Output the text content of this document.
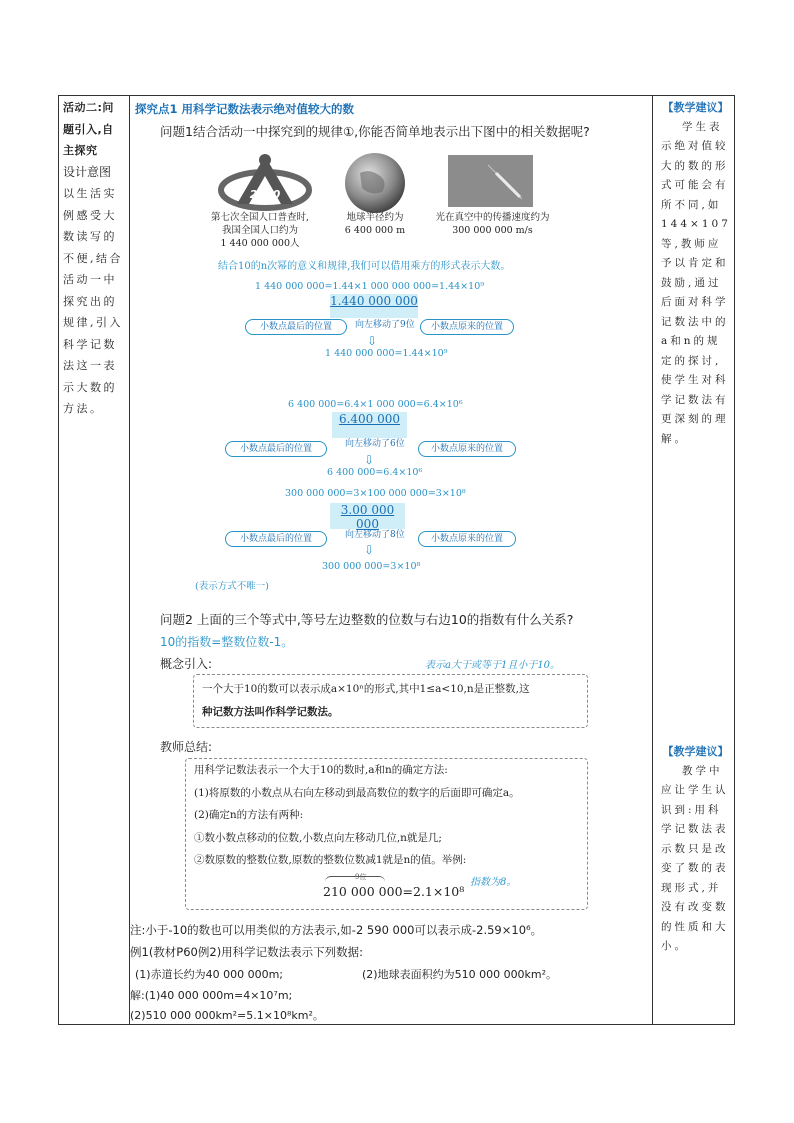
活动二:问
题引入,自
主探究
设计意图
以生活实
例感受大
数读写的
不便,结合
活动一中
探究出的
规律,引入
科学记数
法这一表
示大数的
方法。
【教学建议】
学生表示绝对值较大的数的形式可能会有所不同,如144×107等,教师应予以肯定和鼓励,通过后面对科学记数法中的a和n的规定的探讨,使学生对科学记数法有更深刻的理解。
【教学建议】
教学中应让学生认识到:用科学记数法表示数只是改变了数的表现形式,并没有改变数的性质和大小。
探究点1 用科学记数法表示绝对值较大的数
问题1结合活动一中探究到的规律①,你能否简单地表示出下图中的相关数据呢?
2020
第七次全国人口普查时,
我国全国人口约为
1 440 000 000人
地球半径约为
6 400 000 m
光在真空中的传播速度约为
300 000 000 m/s
结合10的n次幂的意义和规律,我们可以借用乘方的形式表示大数。
1 440 000 000=1.44×1 000 000 000=1.44×10⁹
1.440 000 000
小数点最后的位置	小数点原来的位置
向左移动了9位
⇩
1 440 000 000=1.44×10⁹
6 400 000=6.4×1 000 000=6.4×10⁶
6.400 000
小数点最后的位置	小数点原来的位置
向左移动了6位
⇩
6 400 000=6.4×10⁶
300 000 000=3×100 000 000=3×10⁸
3.00 000 000
小数点最后的位置	小数点原来的位置
向左移动了8位
⇩
300 000 000=3×10⁸
(表示方式不唯一)
问题2 上面的三个等式中,等号左边整数的位数与右边10的指数有什么关系?
10的指数=整数位数-1。
概念引入:	表示a大于或等于1且小于10。
一个大于10的数可以表示成a×10ⁿ的形式,其中1≤a<10,n是正整数,这
种记数方法叫作科学记数法。
教师总结:
用科学记数法表示一个大于10的数时,a和n的确定方法:
(1)将原数的小数点从右向左移动到最高数位的数字的后面即可确定a。
(2)确定n的方法有两种:
①数小数点移动的位数,小数点向左移动几位,n就是几;
②数原数的整数位数,原数的整数位数减1就是n的值。举例:
9位
210 000 000=2.1×10⁸
指数为8。
注:小于-10的数也可以用类似的方法表示,如-2 590 000可以表示成-2.59×10⁶。
例1(教材P60例2)用科学记数法表示下列数据:
(1)赤道长约为40 000 000m;	(2)地球表面积约为510 000 000km²。
解:(1)40 000 000m=4×10⁷m;
(2)510 000 000km²=5.1×10⁸km²。
